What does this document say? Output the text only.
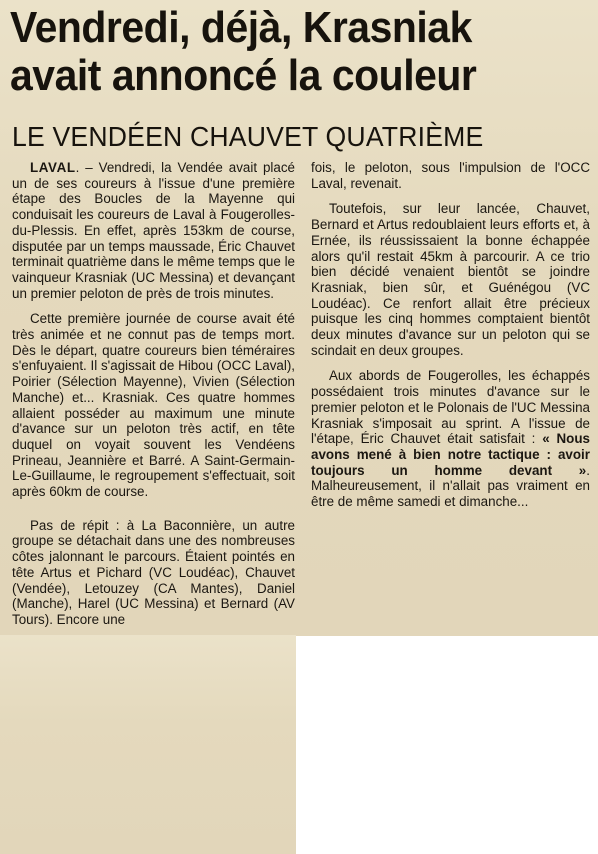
Vendredi, déjà, Krasniak
avait annoncé la couleur
LE VENDÉEN CHAUVET QUATRIÈME

LAVAL. – Vendredi, la Vendée avait placé un de ses coureurs à l'issue d'une première étape des Boucles de la Mayenne qui conduisait les coureurs de Laval à Fougerolles-du-Plessis. En effet, après 153km de course, disputée par un temps maussade, Éric Chauvet terminait quatrième dans le même temps que le vainqueur Krasniak (UC Messina) et devançant un premier peloton de près de trois minutes.

Cette première journée de course avait été très animée et ne connut pas de temps mort. Dès le départ, quatre coureurs bien téméraires s'enfuyaient. Il s'agissait de Hibou (OCC Laval), Poirier (Sélection Mayenne), Vivien (Sélection Manche) et... Krasniak. Ces quatre hommes allaient posséder au maximum une minute d'avance sur un peloton très actif, en tête duquel on voyait souvent les Vendéens Prineau, Jeannière et Barré. A Saint-Germain-Le-Guillaume, le regroupement s'effectuait, soit après 60km de course.

Pas de répit : à La Baconnière, un autre groupe se détachait dans une des nombreuses côtes jalonnant le parcours. Étaient pointés en tête Artus et Pichard (VC Loudéac), Chauvet (Vendée), Letouzey (CA Mantes), Daniel (Manche), Harel (UC Messina) et Bernard (AV Tours). Encore une

fois, le peloton, sous l'impulsion de l'OCC Laval, revenait.

Toutefois, sur leur lancée, Chauvet, Bernard et Artus redoublaient leurs efforts et, à Ernée, ils réussissaient la bonne échappée alors qu'il restait 45km à parcourir. A ce trio bien décidé venaient bientôt se joindre Krasniak, bien sûr, et Guénégou (VC Loudéac). Ce renfort allait être précieux puisque les cinq hommes comptaient bientôt deux minutes d'avance sur un peloton qui se scindait en deux groupes.

Aux abords de Fougerolles, les échappés possédaient trois minutes d'avance sur le premier peloton et le Polonais de l'UC Messina Krasniak s'imposait au sprint. A l'issue de l'étape, Éric Chauvet était satisfait : « Nous avons mené à bien notre tactique : avoir toujours un homme devant ». Malheureusement, il n'allait pas vraiment en être de même samedi et dimanche...
